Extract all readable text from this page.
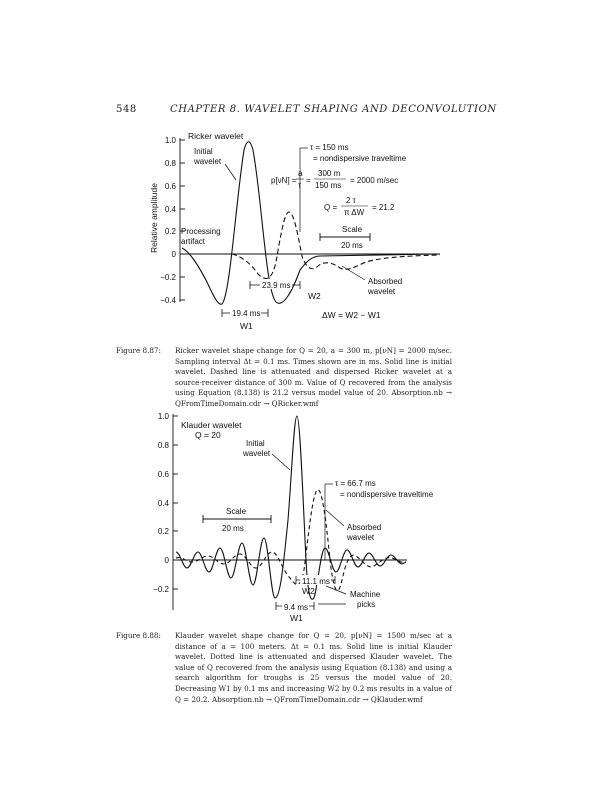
548	CHAPTER 8. WAVELET SHAPING AND DECONVOLUTION
1.0
0.8
0.6
0.4
0.2
0
−0.2
−0.4
Relative amplitude
Ricker wavelet
Initial
wavelet
τ = 150 ms
= nondispersive traveltime
p[νN] =
a
τ
=
300 m
150 ms
= 2000 m/sec
Q =
2 τ
π ΔW
= 21.2
Scale
20 ms
Processing
artifact
Absorbed
wavelet
23.9 ms
W2
19.4 ms
W1
ΔW = W2 − W1
Figure 8.87: Ricker wavelet shape change for Q = 20, a = 300 m, p[νN] = 2000 m/sec. Sampling interval Δt = 0.1 ms. Times shown are in ms. Solid line is initial wavelet. Dashed line is attenuated and dispersed Ricker wavelet at a source-receiver distance of 300 m. Value of Q recovered from the analysis using Equation (8.138) is 21.2 versus model value of 20. Absorption.nb → QFromTimeDomain.cdr → QRicker.wmf
1.0
0.8
0.6
0.4
0.2
0
−0.2
Klauder wavelet
Q = 20
Initial
wavelet
τ = 66.7 ms
= nondispersive traveltime
Scale
20 ms	Absorbed
wavelet
11.1 ms
W2
9.4 ms
W1
Machine
picks
Figure 8.88: Klauder wavelet shape change for Q = 20, p[νN] = 1500 m/sec at a distance of a = 100 meters. Δt = 0.1 ms. Solid line is initial Klauder wavelet. Dotted line is attenuated and dispersed Klauder wavelet. The value of Q recovered from the analysis using Equation (8.138) and using a search algorithm for troughs is 25 versus the model value of 20. Decreasing W1 by 0.1 ms and increasing W2 by 0.2 ms results in a value of Q = 20.2. Absorption.nb → QFromTimeDomain.cdr → QKlauder.wmf
